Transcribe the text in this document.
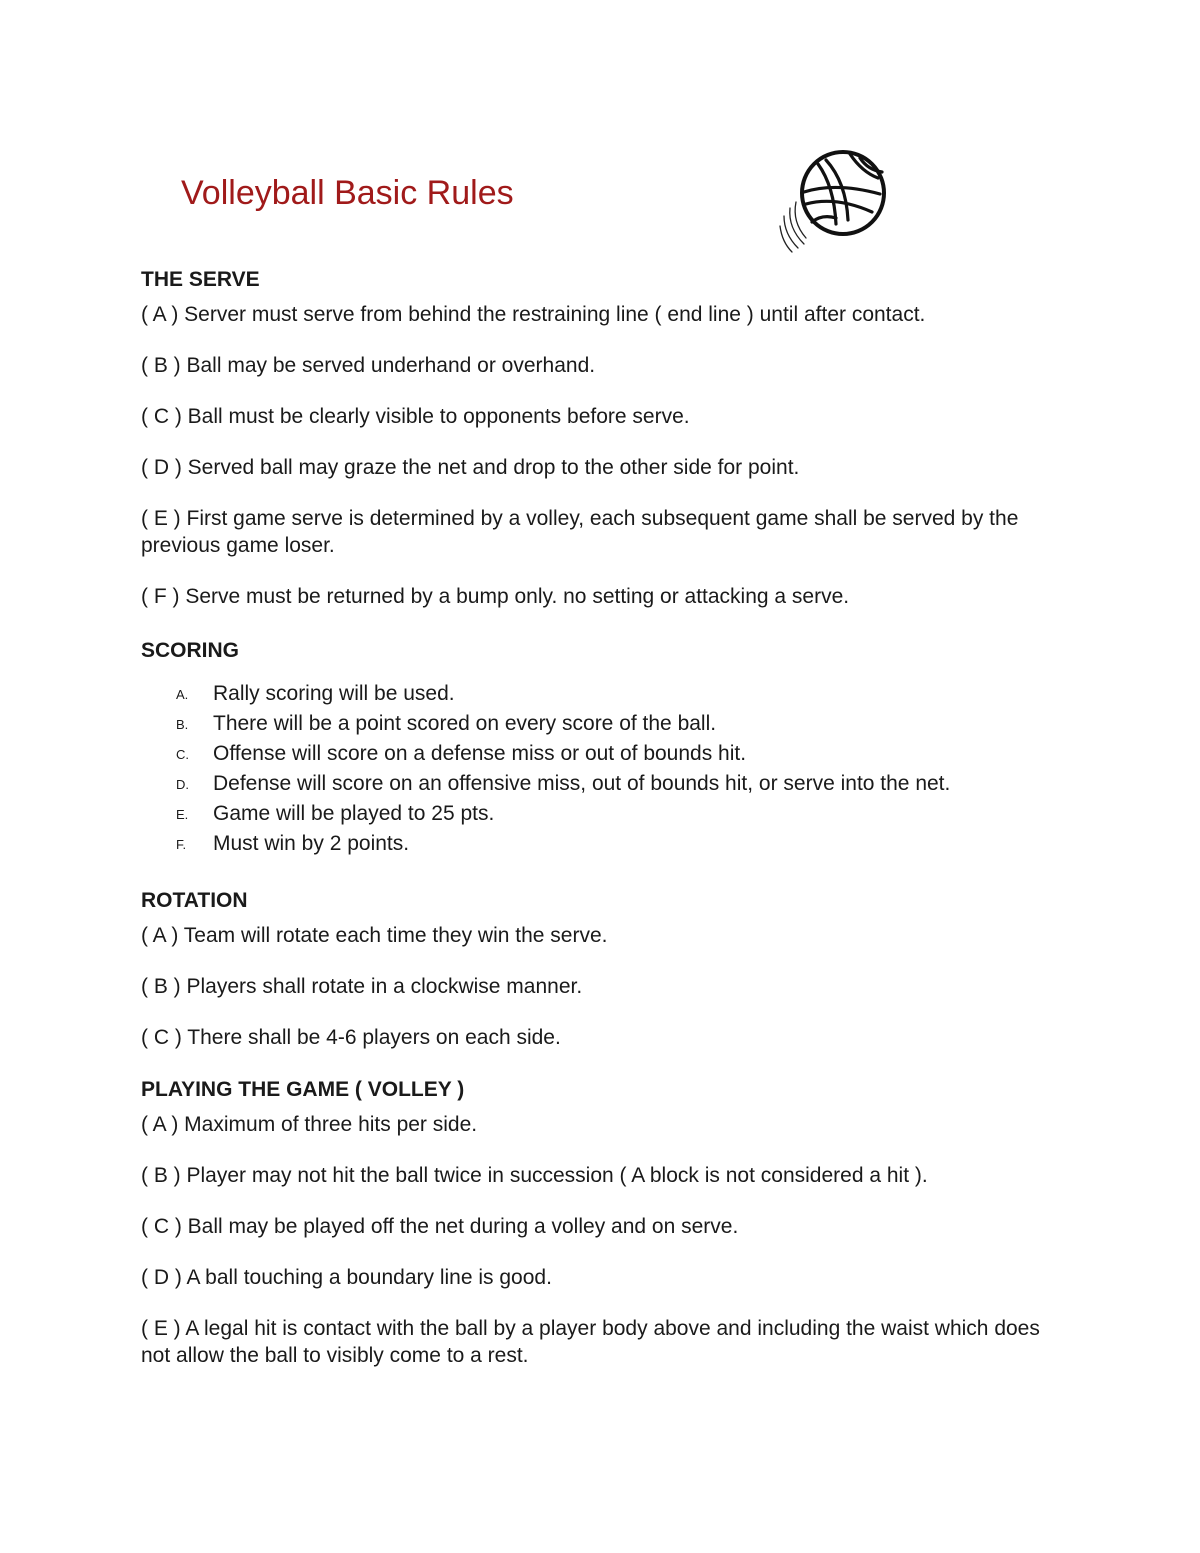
Volleyball Basic Rules
THE SERVE

( A ) Server must serve from behind the restraining line ( end line ) until after contact.

( B ) Ball may be served underhand or overhand.

( C ) Ball must be clearly visible to opponents before serve.

( D ) Served ball may graze the net and drop to the other side for point.

( E ) First game serve is determined by a volley, each subsequent game shall be served by the previous game loser.

( F ) Serve must be returned by a bump only. no setting or attacking a serve.

SCORING
A.	Rally scoring will be used.
B.	There will be a point scored on every score of the ball.
C.	Offense will score on a defense miss or out of bounds hit.
D.	Defense will score on an offensive miss, out of bounds hit, or serve into the net.
E.	Game will be played to 25 pts.
F.	Must win by 2 points.
ROTATION

( A ) Team will rotate each time they win the serve.

( B ) Players shall rotate in a clockwise manner.

( C ) There shall be 4-6 players on each side.

PLAYING THE GAME ( VOLLEY )

( A ) Maximum of three hits per side.

( B ) Player may not hit the ball twice in succession ( A block is not considered a hit ).

( C ) Ball may be played off the net during a volley and on serve.

( D ) A ball touching a boundary line is good.

( E ) A legal hit is contact with the ball by a player body above and including the waist which does not allow the ball to visibly come to a rest.
